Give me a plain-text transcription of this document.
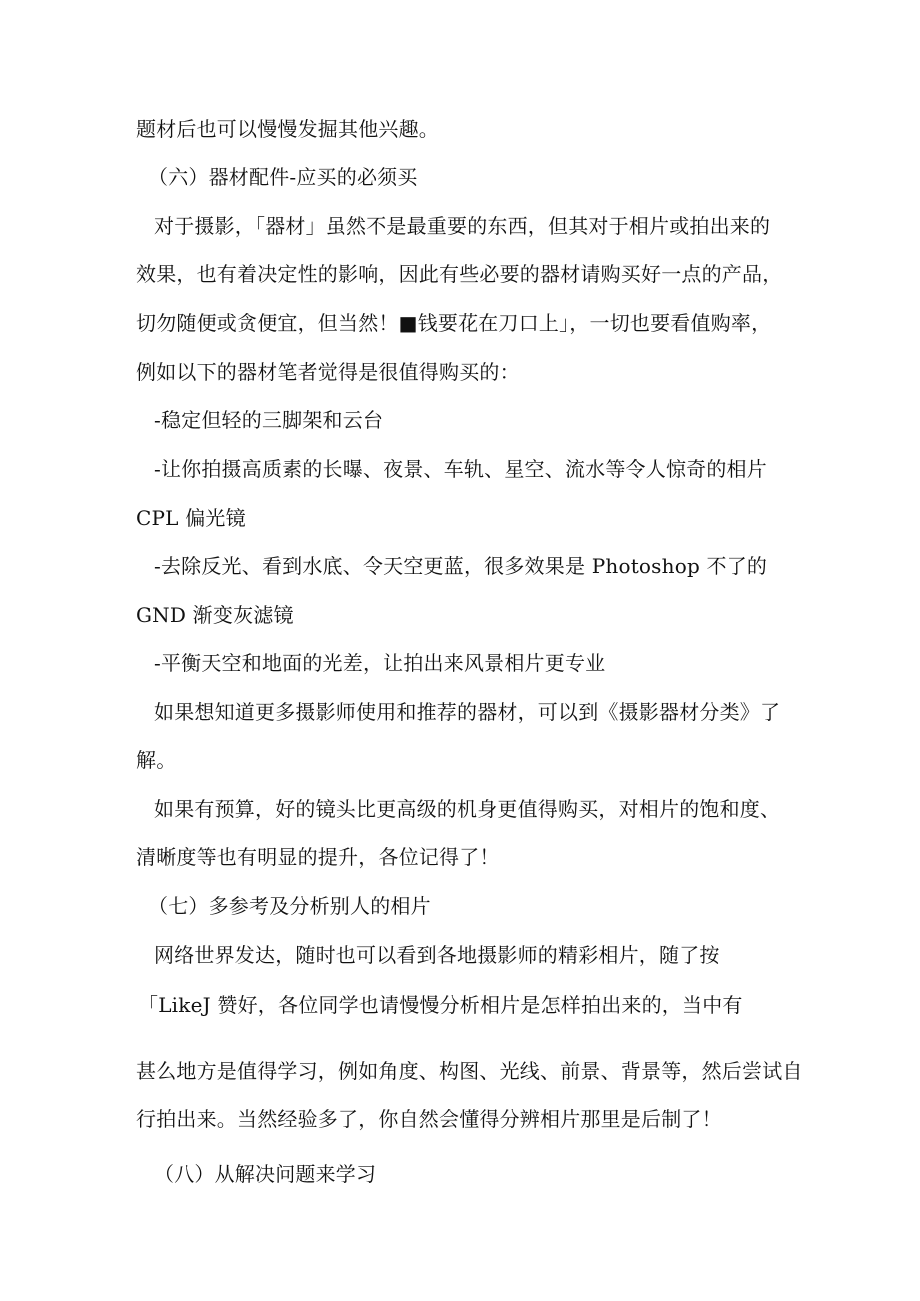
题材后也可以慢慢发掘其他兴趣。

（六）器材配件-应买的必须买

对于摄影，「器材」虽然不是最重要的东西，但其对于相片或拍出来的

效果，也有着决定性的影响，因此有些必要的器材请购买好一点的产品，

切勿随便或贪便宜，但当然！■钱要花在刀口上」，一切也要看值购率，

例如以下的器材笔者觉得是很值得购买的：

-稳定但轻的三脚架和云台

-让你拍摄高质素的长曝、夜景、车轨、星空、流水等令人惊奇的相片

CPL 偏光镜

-去除反光、看到水底、令天空更蓝，很多效果是 Photoshop 不了的

GND 渐变灰滤镜

-平衡天空和地面的光差，让拍出来风景相片更专业

如果想知道更多摄影师使用和推荐的器材，可以到《摄影器材分类》了

解。

如果有预算，好的镜头比更高级的机身更值得购买，对相片的饱和度、

清晰度等也有明显的提升，各位记得了！

（七）多参考及分析别人的相片

网络世界发达，随时也可以看到各地摄影师的精彩相片，随了按

「LikeJ 赞好，各位同学也请慢慢分析相片是怎样拍出来的，当中有

甚么地方是值得学习，例如角度、构图、光线、前景、背景等，然后尝试自

行拍出来。当然经验多了，你自然会懂得分辨相片那里是后制了！

（八）从解决问题来学习
